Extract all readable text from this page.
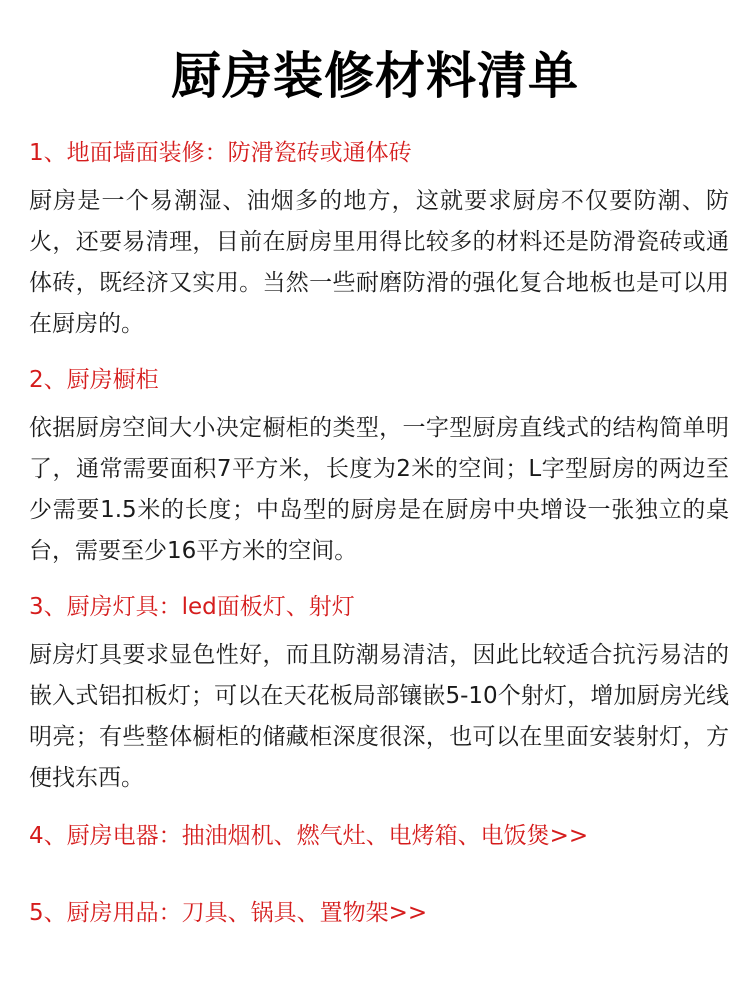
厨房装修材料清单
1、地面墙面装修：防滑瓷砖或通体砖

厨房是一个易潮湿、油烟多的地方，这就要求厨房不仅要防潮、防火，还要易清理，目前在厨房里用得比较多的材料还是防滑瓷砖或通体砖，既经济又实用。当然一些耐磨防滑的强化复合地板也是可以用在厨房的。

2、厨房橱柜

依据厨房空间大小决定橱柜的类型，一字型厨房直线式的结构简单明了，通常需要面积7平方米，长度为2米的空间；L字型厨房的两边至少需要1.5米的长度；中岛型的厨房是在厨房中央增设一张独立的桌台，需要至少16平方米的空间。

3、厨房灯具：led面板灯、射灯

厨房灯具要求显色性好，而且防潮易清洁，因此比较适合抗污易洁的嵌入式铝扣板灯；可以在天花板局部镶嵌5-10个射灯，增加厨房光线明亮；有些整体橱柜的储藏柜深度很深，也可以在里面安装射灯，方便找东西。

4、厨房电器：抽油烟机、燃气灶、电烤箱、电饭煲>>
5、厨房用品：刀具、锅具、置物架>>
